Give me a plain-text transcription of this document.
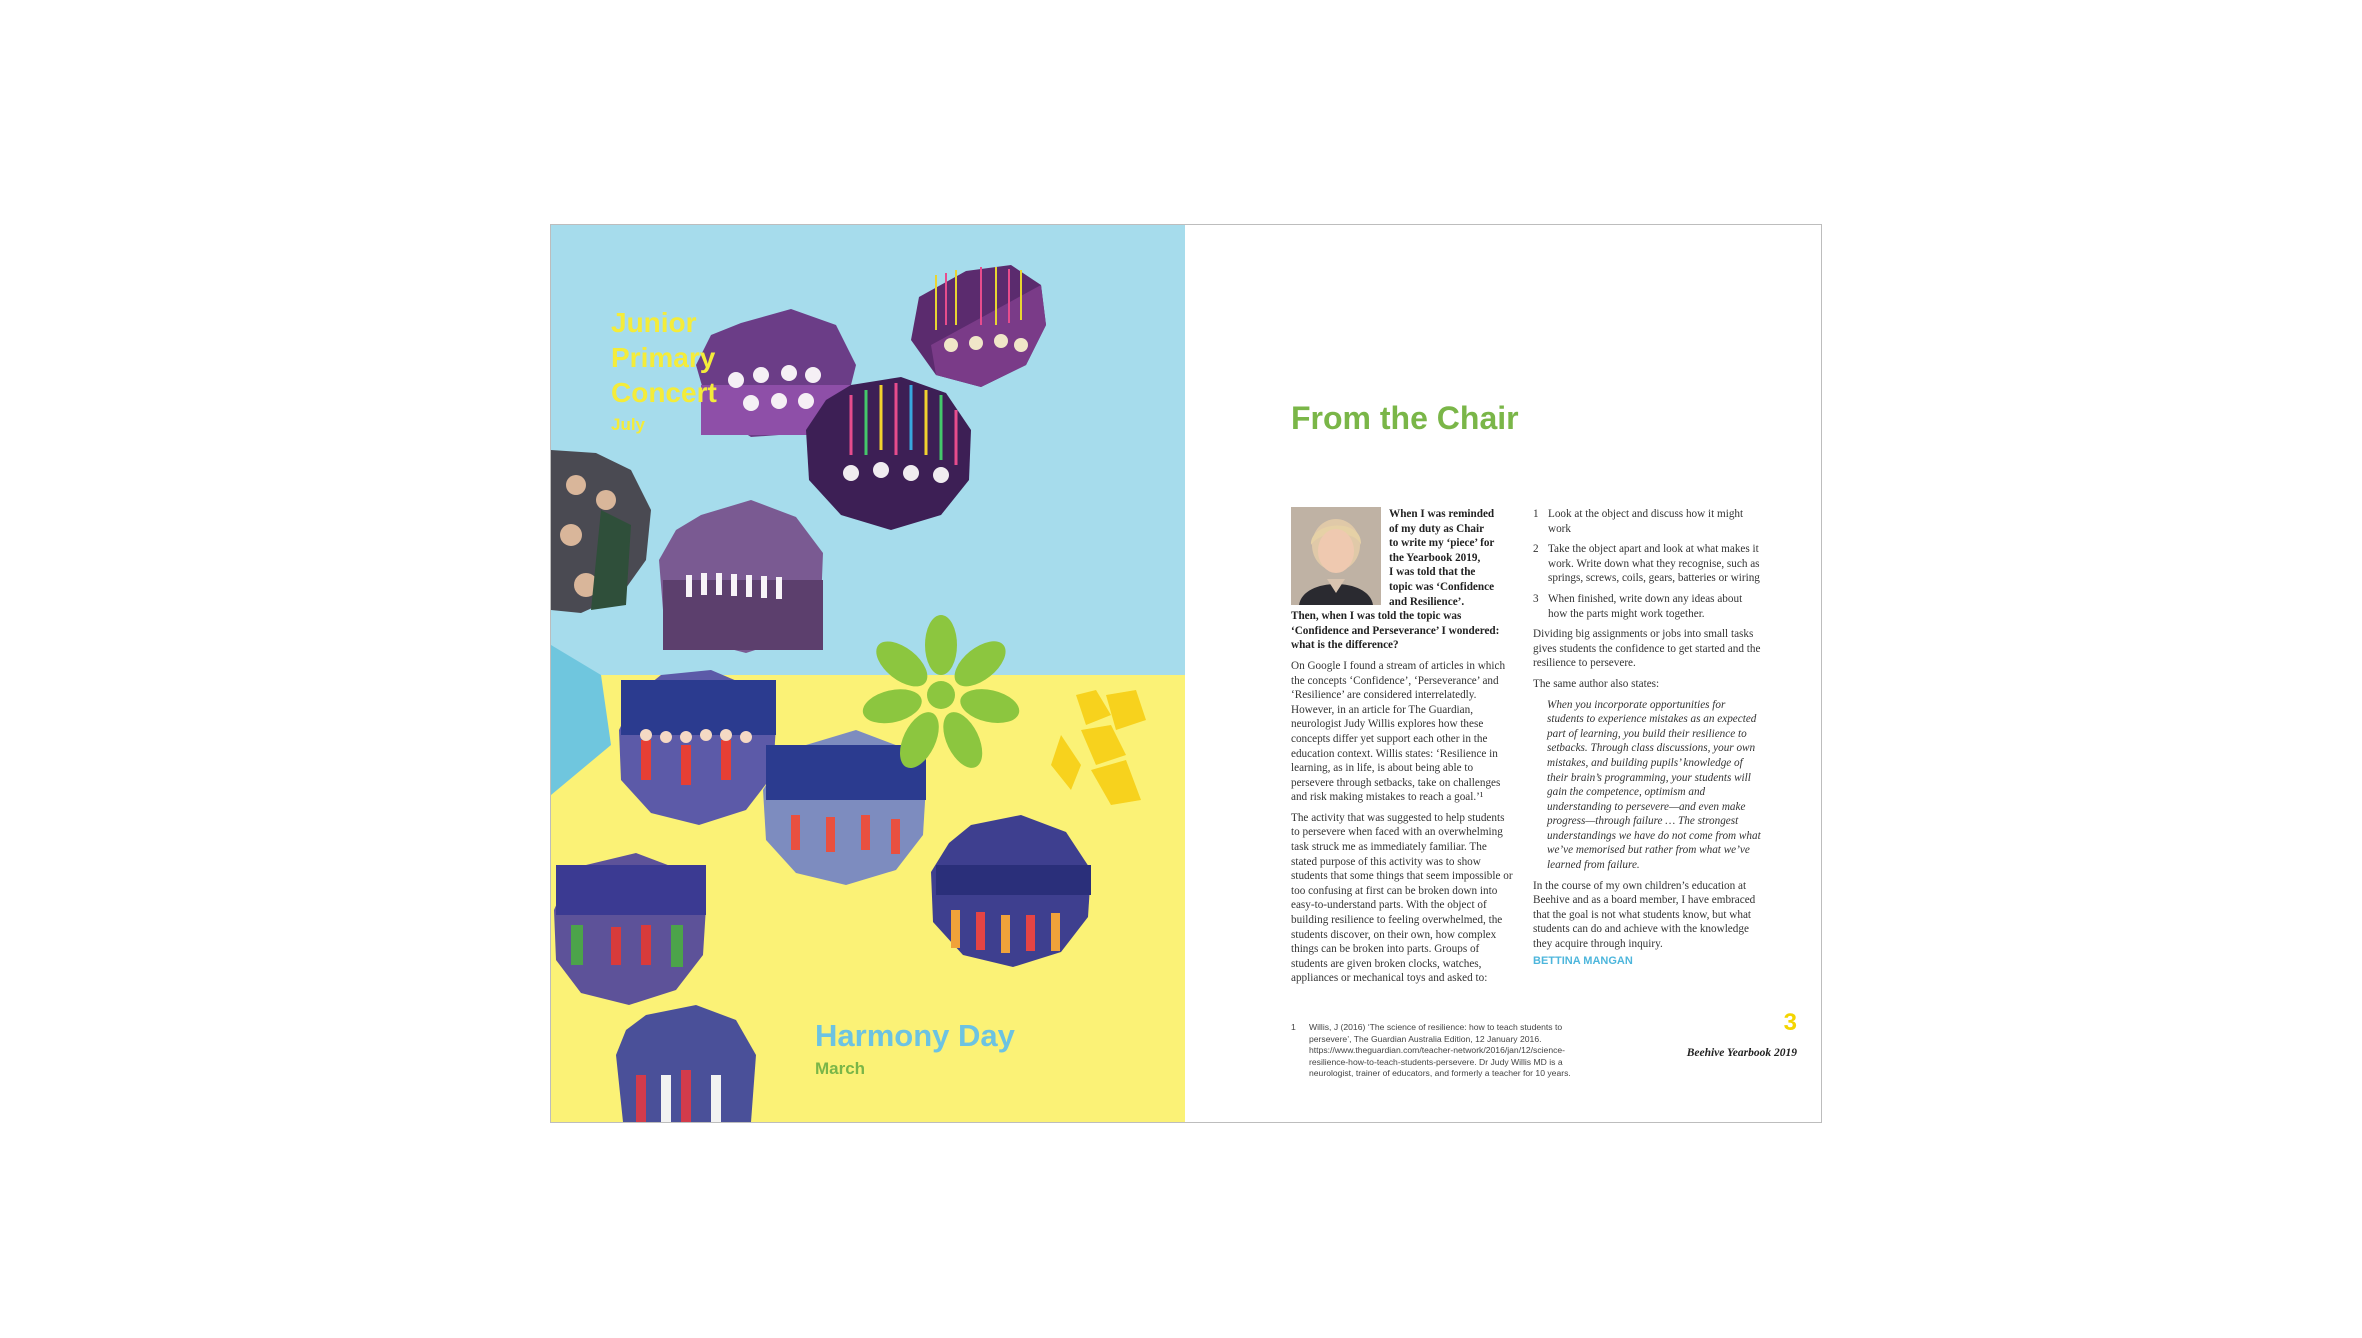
Junior
Primary
Concert
July
Harmony Day
March
From the Chair
When I was reminded
of my duty as Chair
to write my ‘piece’ for
the Yearbook 2019,
I was told that the
topic was ‘Confidence
and Resilience’.

Then, when I was told the topic was ‘Confidence and Perseverance’ I wondered: what is the difference?

On Google I found a stream of articles in which the concepts ‘Confidence’, ‘Perseverance’ and ‘Resilience’ are considered interrelatedly. However, in an article for The Guardian, neurologist Judy Willis explores how these concepts differ yet support each other in the education context. Willis states: ‘Resilience in learning, as in life, is about being able to persevere through setbacks, take on challenges and risk making mistakes to reach a goal.’¹

The activity that was suggested to help students to persevere when faced with an overwhelming task struck me as immediately familiar. The stated purpose of this activity was to show students that some things that seem impossible or too confusing at first can be broken down into easy-to-understand parts. With the object of building resilience to feeling overwhelmed, the students discover, on their own, how complex things can be broken into parts. Groups of students are given broken clocks, watches, appliances or mechanical toys and asked to:

1 Look at the object and discuss how it might work
2 Take the object apart and look at what makes it work. Write down what they recognise, such as springs, screws, coils, gears, batteries or wiring
3 When finished, write down any ideas about how the parts might work together.

Dividing big assignments or jobs into small tasks gives students the confidence to get started and the resilience to persevere.

The same author also states:

When you incorporate opportunities for students to experience mistakes as an expected part of learning, you build their resilience to setbacks. Through class discussions, your own mistakes, and building pupils’ knowledge of their brain’s programming, your students will gain the competence, optimism and understanding to persevere—and even make progress—through failure … The strongest understandings we have do not come from what we’ve memorised but rather from what we’ve learned from failure.

In the course of my own children’s education at Beehive and as a board member, I have embraced that the goal is not what students know, but what students can do and achieve with the knowledge they acquire through inquiry.

BETTINA MANGAN
1	Willis, J (2016) ‘The science of resilience: how to teach students to persevere’, The Guardian Australia Edition, 12 January 2016. https://www.theguardian.com/teacher-network/2016/jan/12/science-resilience-how-to-teach-students-persevere. Dr Judy Willis MD is a neurologist, trainer of educators, and formerly a teacher for 10 years.
3
Beehive Yearbook 2019
